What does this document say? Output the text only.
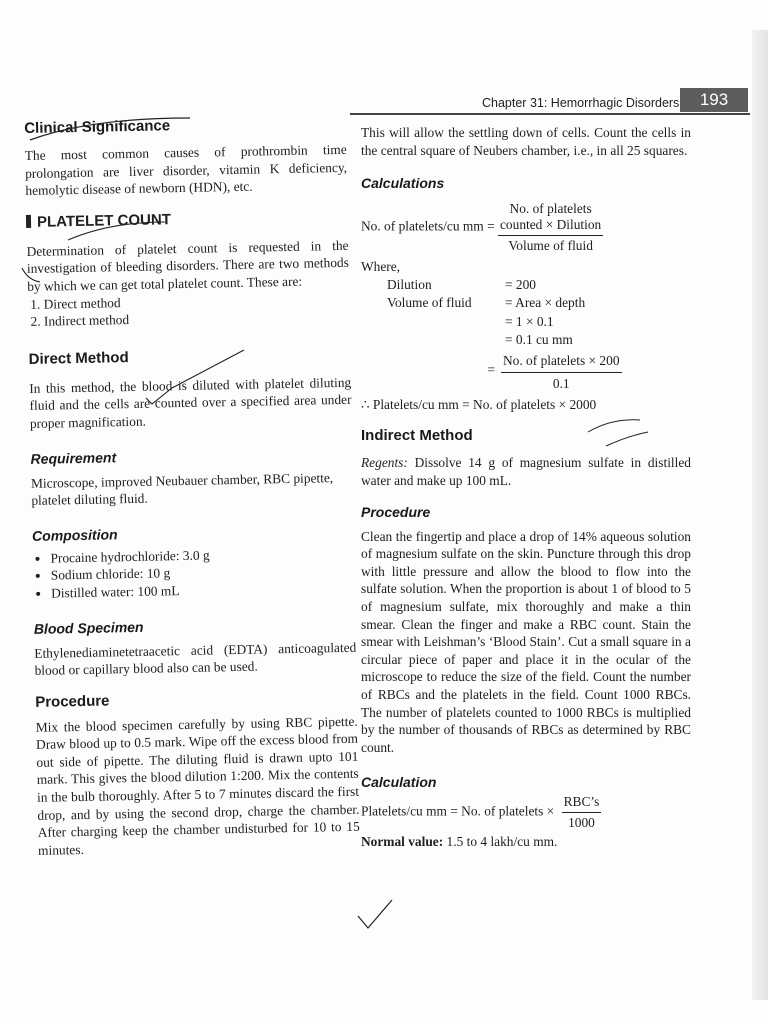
Chapter 31: Hemorrhagic Disorders	193
Clinical Significance

The most common causes of prothrombin time prolongation are liver disorder, vitamin K deficiency, hemolytic disease of newborn (HDN), etc.

PLATELET COUNT

Determination of platelet count is requested in the investigation of bleeding disorders. There are two methods by which we can get total platelet count. These are:

1. Direct method
2. Indirect method
Direct Method

In this method, the blood is diluted with platelet diluting fluid and the cells are counted over a specified area under proper magnification.

Requirement

Microscope, improved Neubauer chamber, RBC pipette, platelet diluting fluid.

Composition
• Procaine hydrochloride: 3.0 g
• Sodium chloride: 10 g
• Distilled water: 100 mL
Blood Specimen

Ethylenediaminetetraacetic acid (EDTA) anticoagulated blood or capillary blood also can be used.

Procedure

Mix the blood specimen carefully by using RBC pipette. Draw blood up to 0.5 mark. Wipe off the excess blood from out side of pipette. The diluting fluid is drawn upto 101 mark. This gives the blood dilution 1:200. Mix the contents in the bulb thoroughly. After 5 to 7 minutes discard the first drop, and by using the second drop, charge the chamber. After charging keep the chamber undisturbed for 10 to 15 minutes.

This will allow the settling down of cells. Count the cells in the central square of Neubers chamber, i.e., in all 25 squares.

Calculations
No. of platelets/cu mm = No. of platelets
counted × Dilution
Volume of fluid

Where,

Dilution	= 200
Volume of fluid	= Area × depth
= 1 × 0.1
= 0.1 cu mm
= $\frac{\text{No. of platelets × 200}}{0.1}$

∴ Platelets/cu mm = No. of platelets × 2000

Indirect Method

Regents: Dissolve 14 g of magnesium sulfate in distilled water and make up 100 mL.

Procedure

Clean the fingertip and place a drop of 14% aqueous solution of magnesium sulfate on the skin. Puncture through this drop with little pressure and allow the blood to flow into the sulfate solution. When the proportion is about 1 of blood to 5 of magnesium sulfate, mix thoroughly and make a thin smear. Clean the finger and make a RBC count. Stain the smear with Leishman’s ‘Blood Stain’. Cut a small square in a circular piece of paper and place it in the ocular of the microscope to reduce the size of the field. Count the number of RBCs and the platelets in the field. Count 1000 RBCs. The number of platelets counted to 1000 RBCs is multiplied by the number of thousands of RBCs as determined by RBC count.

Calculation
Platelets/cu mm = No. of platelets × $\frac{\text{RBC’s}}{1000}$

Normal value: 1.5 to 4 lakh/cu mm.
